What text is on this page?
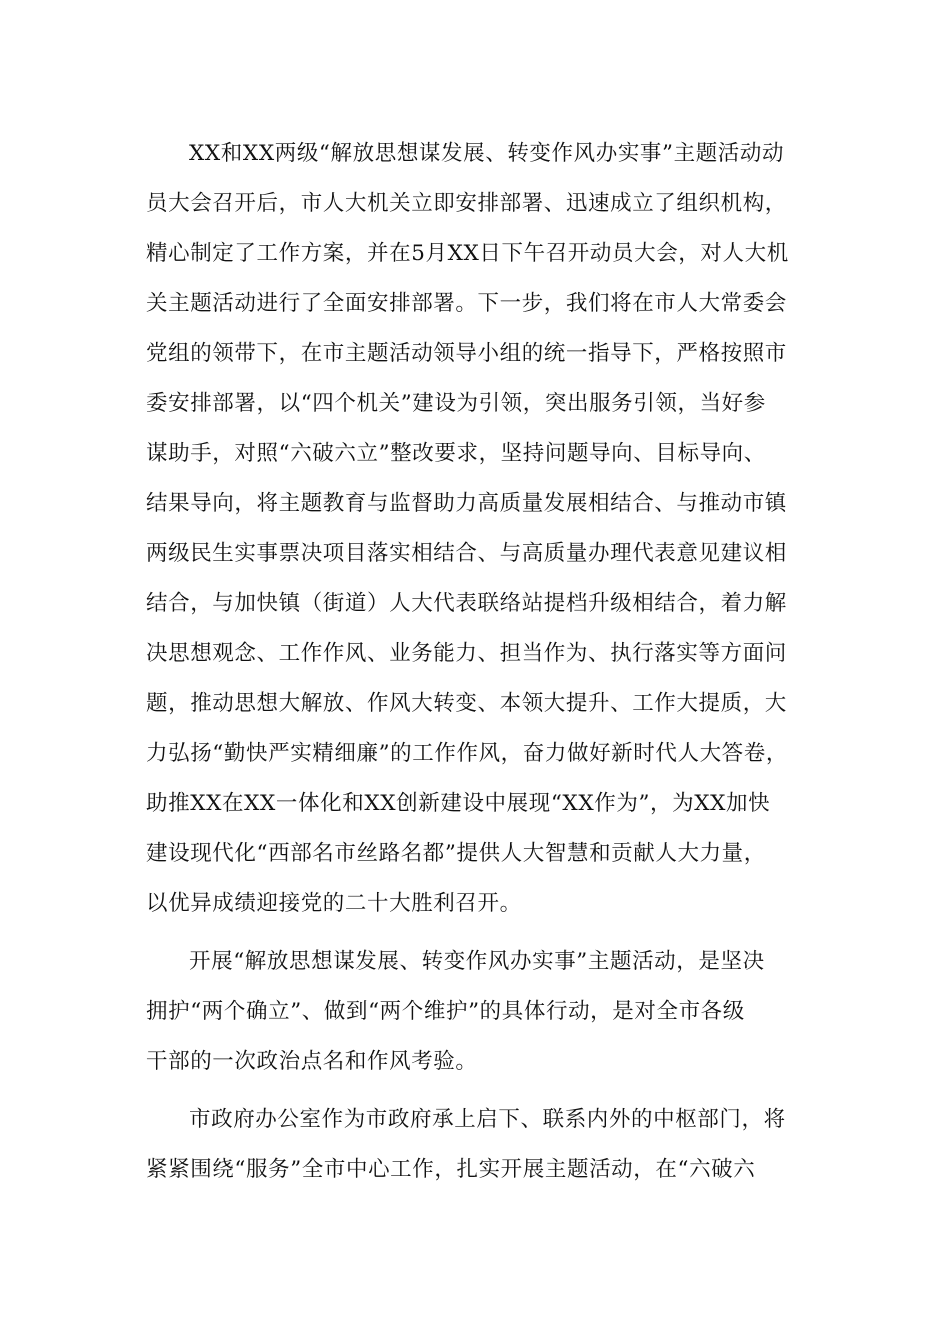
XX和XX两级“解放思想谋发展、转变作风办实事”主题活动动
员大会召开后，市人大机关立即安排部署、迅速成立了组织机构，
精心制定了工作方案，并在5月XX日下午召开动员大会，对人大机
关主题活动进行了全面安排部署。下一步，我们将在市人大常委会
党组的领带下，在市主题活动领导小组的统一指导下，严格按照市
委安排部署，以“四个机关”建设为引领，突出服务引领，当好参
谋助手，对照“六破六立”整改要求，坚持问题导向、目标导向、
结果导向，将主题教育与监督助力高质量发展相结合、与推动市镇
两级民生实事票决项目落实相结合、与高质量办理代表意见建议相
结合，与加快镇（街道）人大代表联络站提档升级相结合，着力解
决思想观念、工作作风、业务能力、担当作为、执行落实等方面问
题，推动思想大解放、作风大转变、本领大提升、工作大提质，大
力弘扬“勤快严实精细廉”的工作作风，奋力做好新时代人大答卷，
助推XX在XX一体化和XX创新建设中展现“XX作为”，为XX加快
建设现代化“西部名市丝路名都”提供人大智慧和贡献人大力量，
以优异成绩迎接党的二十大胜利召开。
开展“解放思想谋发展、转变作风办实事”主题活动，是坚决
拥护“两个确立”、做到“两个维护”的具体行动，是对全市各级
干部的一次政治点名和作风考验。
市政府办公室作为市政府承上启下、联系内外的中枢部门，将
紧紧围绕“服务”全市中心工作，扎实开展主题活动，在“六破六
